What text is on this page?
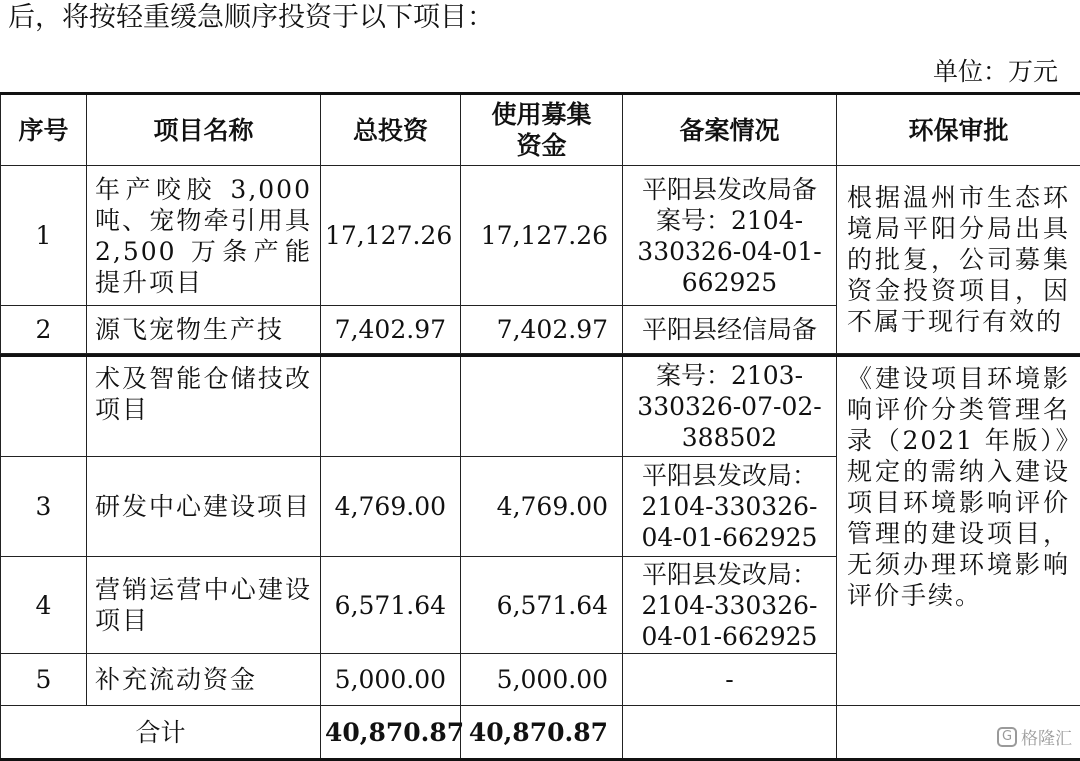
后，将按轻重缓急顺序投资于以下项目：
单位：万元
序号	项目名称	总投资	使用募集资金	备案情况	环保审批
1	年产咬胶 3,000 吨、宠物牵引用具 2,500 万条产能提升项目	17,127.26	17,127.26	平阳县发改局备案号：2104-330326-04-01-662925	根据温州市生态环境局平阳分局出具的批复，公司募集资金投资项目，因不属于现行有效的
2	源飞宠物生产技	7,402.97	7,402.97	平阳县经信局备	
	术及智能仓储技改项目			案号：2103-330326-07-02-388502	《建设项目环境影响评价分类管理名录（2021 年版）》规定的需纳入建设项目环境影响评价管理的建设项目，无须办理环境影响评价手续。
3	研发中心建设项目	4,769.00	4,769.00	平阳县发改局：2104-330326-04-01-662925	
4	营销运营中心建设项目	6,571.64	6,571.64	平阳县发改局：2104-330326-04-01-662925	
5	补充流动资金	5,000.00	5,000.00	-	
合计		40,870.87	40,870.87			G 格隆汇
